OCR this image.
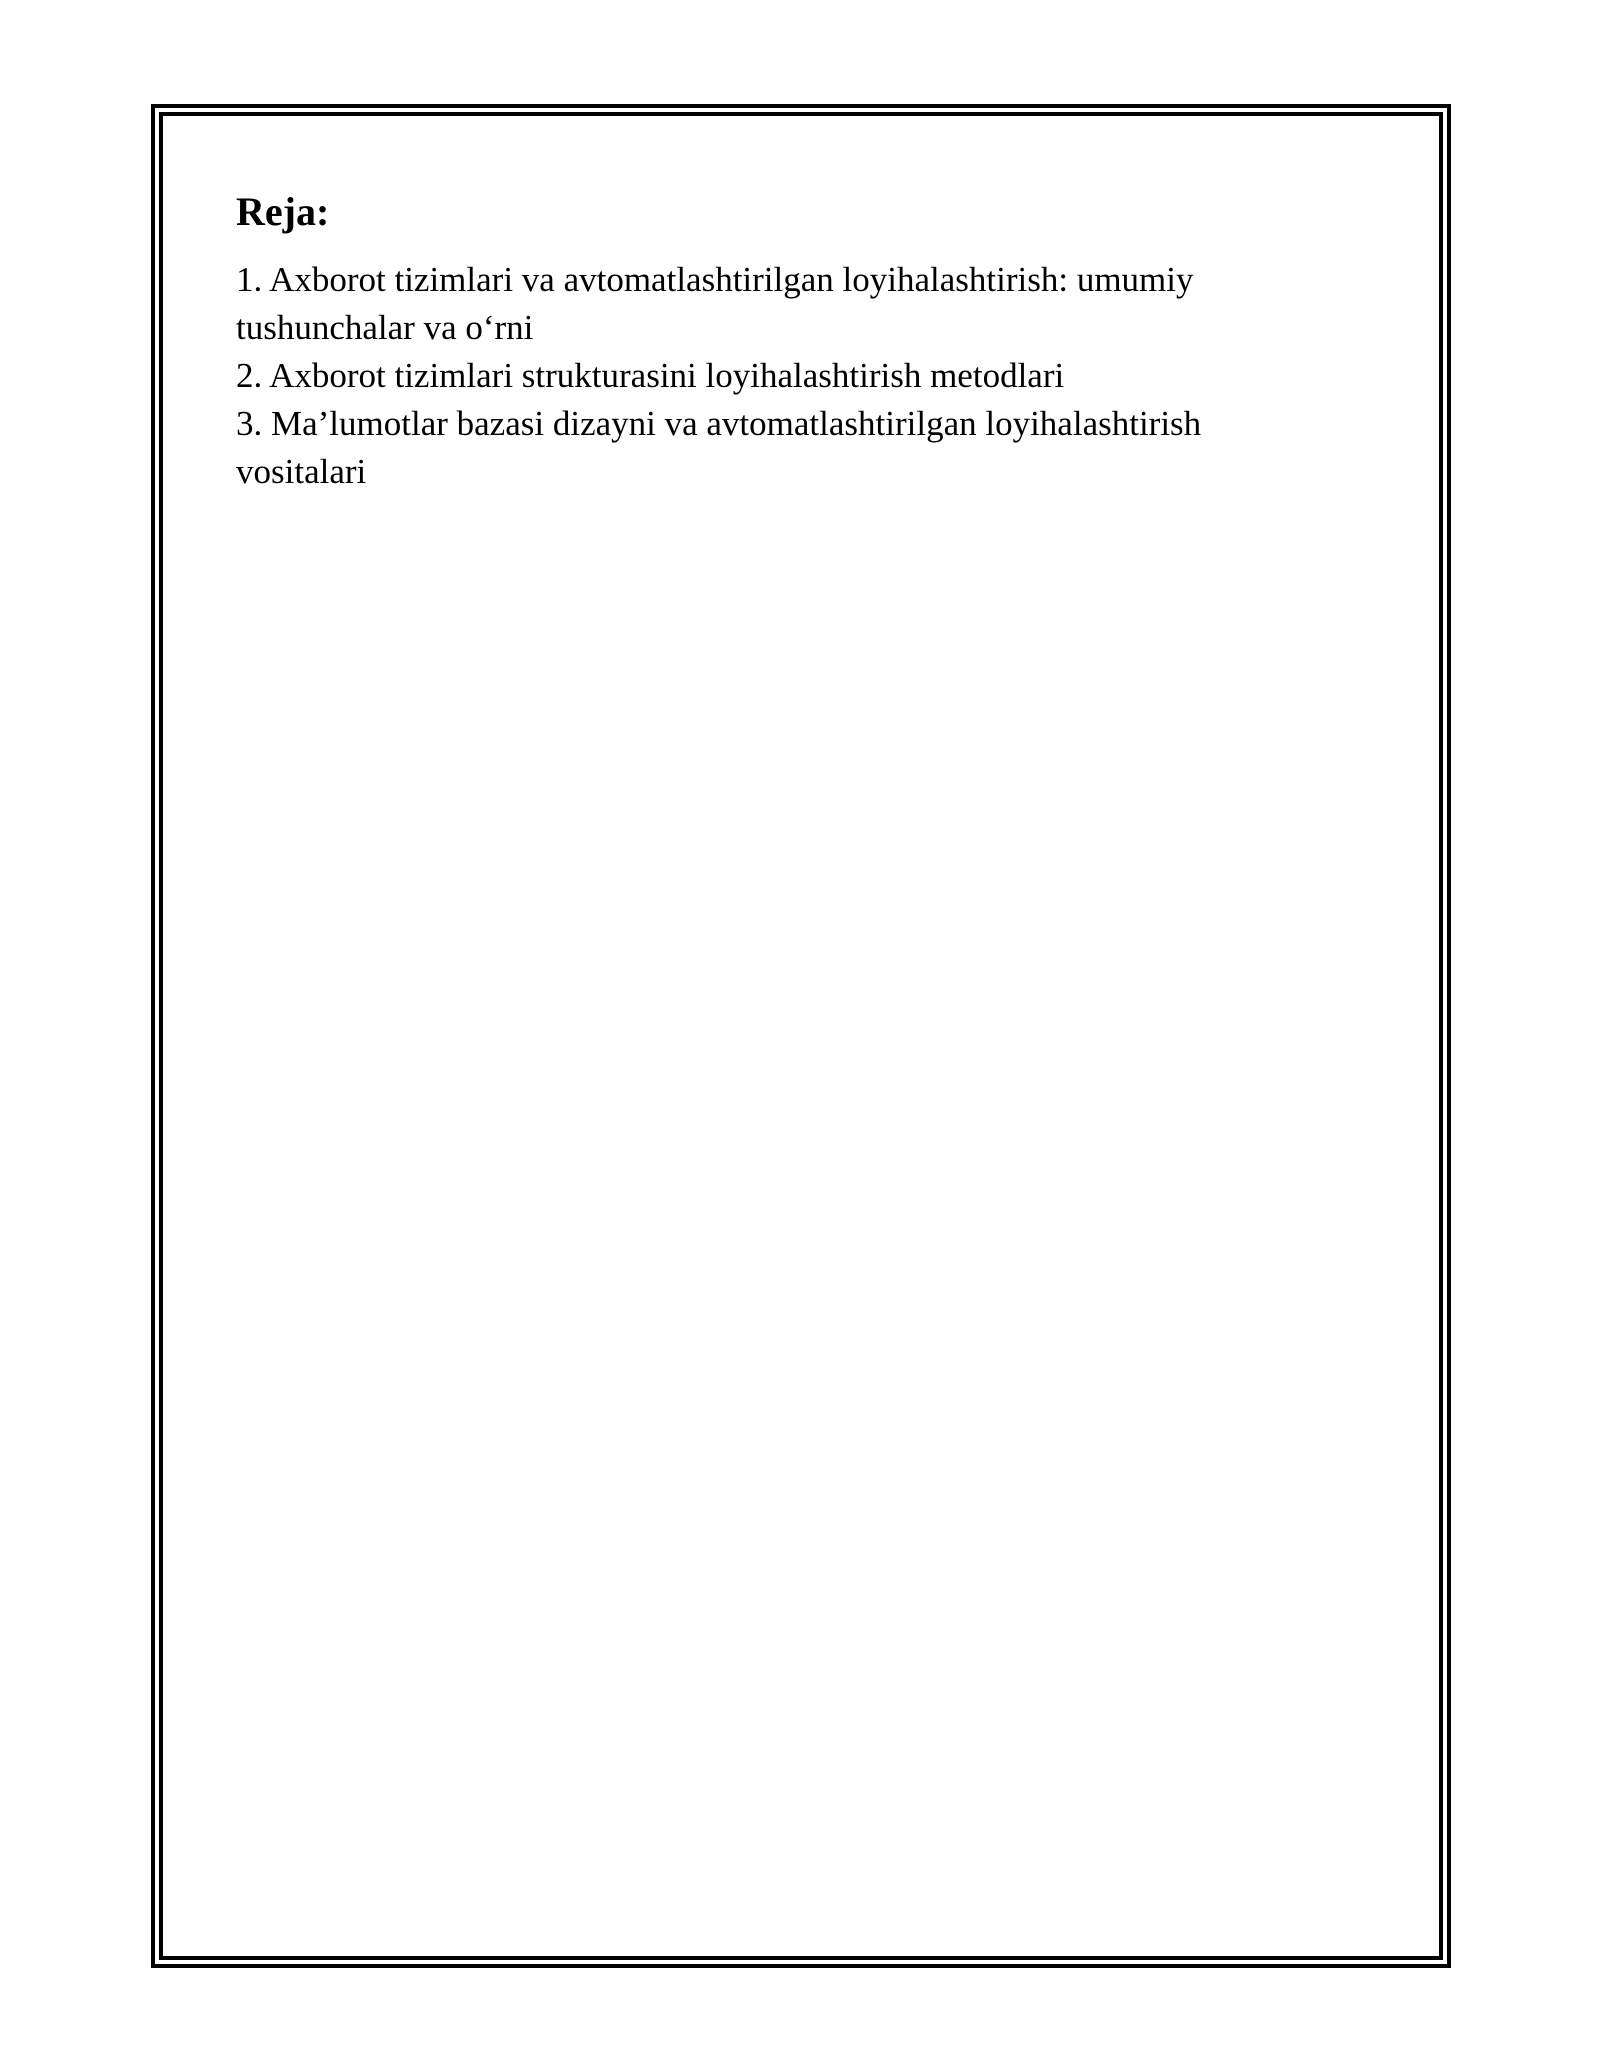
Reja:
1. Axborot tizimlari va avtomatlashtirilgan loyihalashtirish: umumiy tushunchalar va o‘rni
2. Axborot tizimlari strukturasini loyihalashtirish metodlari
3. Ma’lumotlar bazasi dizayni va avtomatlashtirilgan loyihalashtirish vositalari
